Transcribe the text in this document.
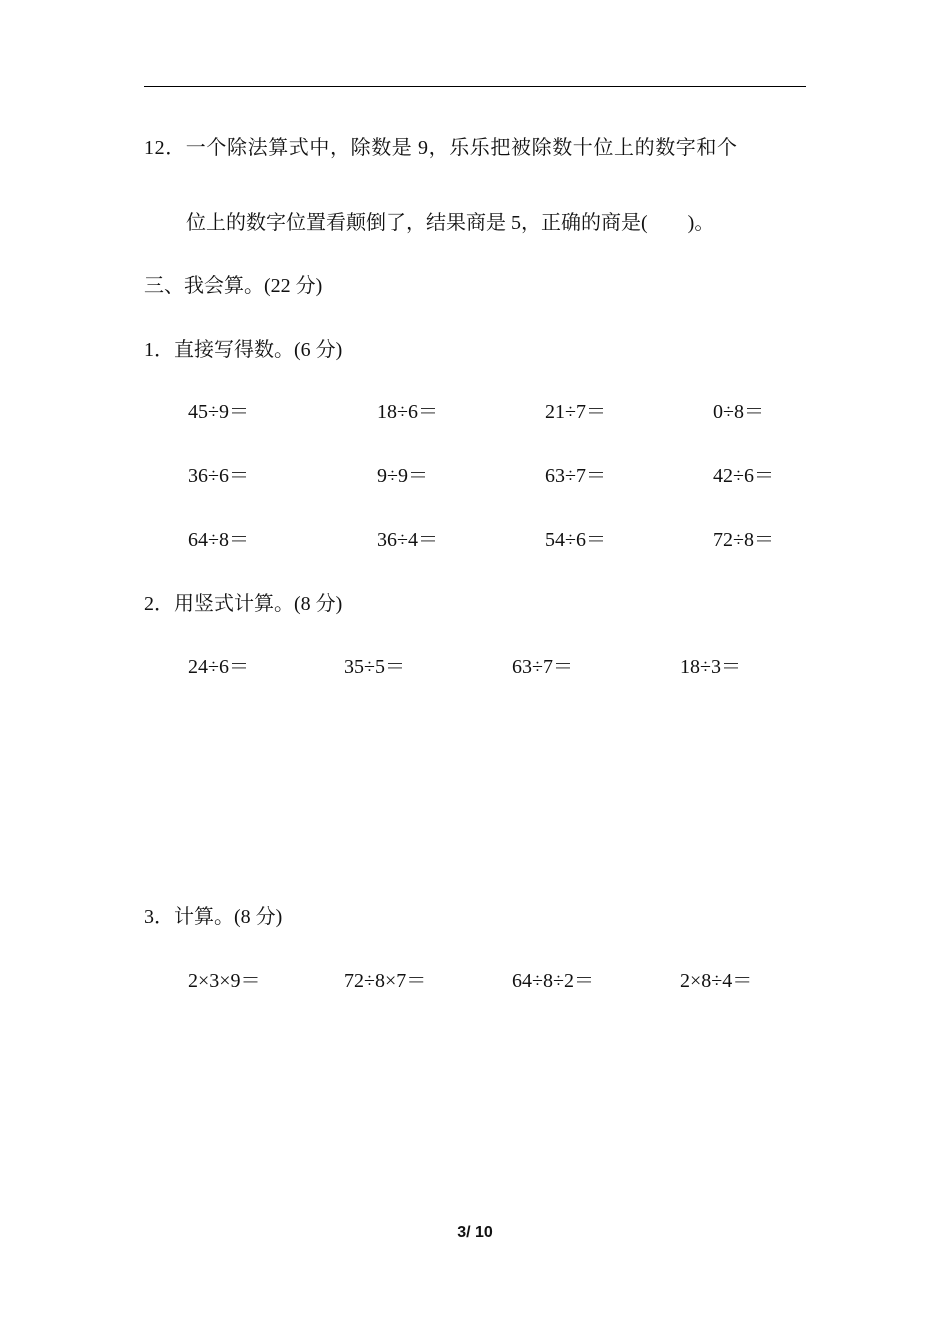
12．一个除法算式中，除数是 9，乐乐把被除数十位上的数字和个
位上的数字位置看颠倒了，结果商是 5，正确的商是(　　)。
三、我会算。(22 分)
1．直接写得数。(6 分)
45÷9＝	18÷6＝	21÷7＝	0÷8＝
36÷6＝	9÷9＝	63÷7＝	42÷6＝
64÷8＝	36÷4＝	54÷6＝	72÷8＝
2．用竖式计算。(8 分)
24÷6＝	35÷5＝	63÷7＝	18÷3＝
3．计算。(8 分)
2×3×9＝	72÷8×7＝	64÷8÷2＝	2×8÷4＝
3/ 10
